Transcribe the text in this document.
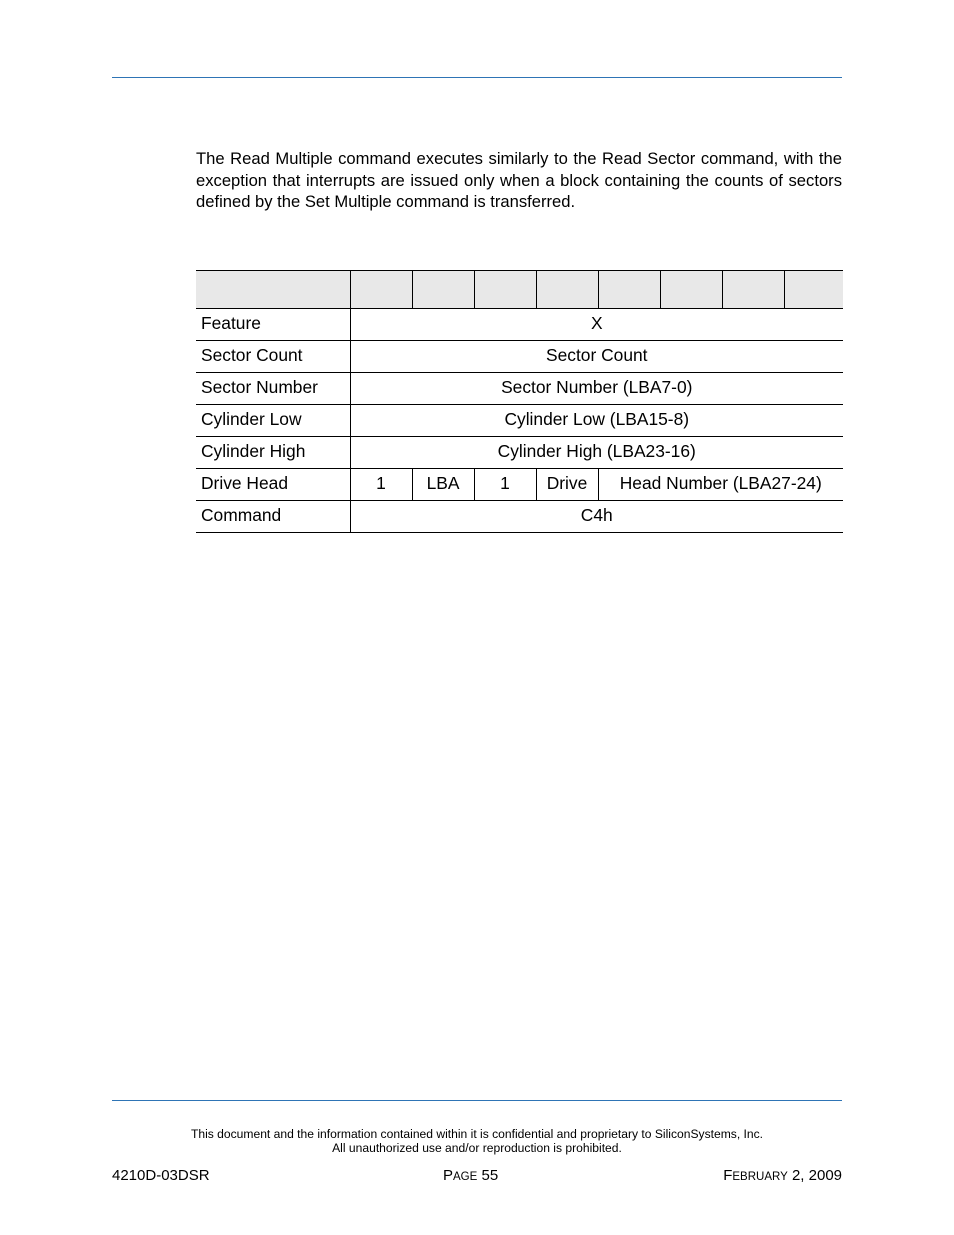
The Read Multiple command executes similarly to the Read Sector command, with the exception that interrupts are issued only when a block containing the counts of sectors defined by the Set Multiple command is transferred.

Feature	X							
Sector Count	Sector Count							
Sector Number	Sector Number (LBA7-0)							
Cylinder Low	Cylinder Low (LBA15-8)							
Cylinder High	Cylinder High (LBA23-16)							
Drive Head	1	LBA	1	Drive	Head Number (LBA27-24)			
Command	C4h							
This document and the information contained within it is confidential and proprietary to SiliconSystems, Inc.
All unauthorized use and/or reproduction is prohibited.
4210D-03DSR	PAGE 55	FEBRUARY 2, 2009
